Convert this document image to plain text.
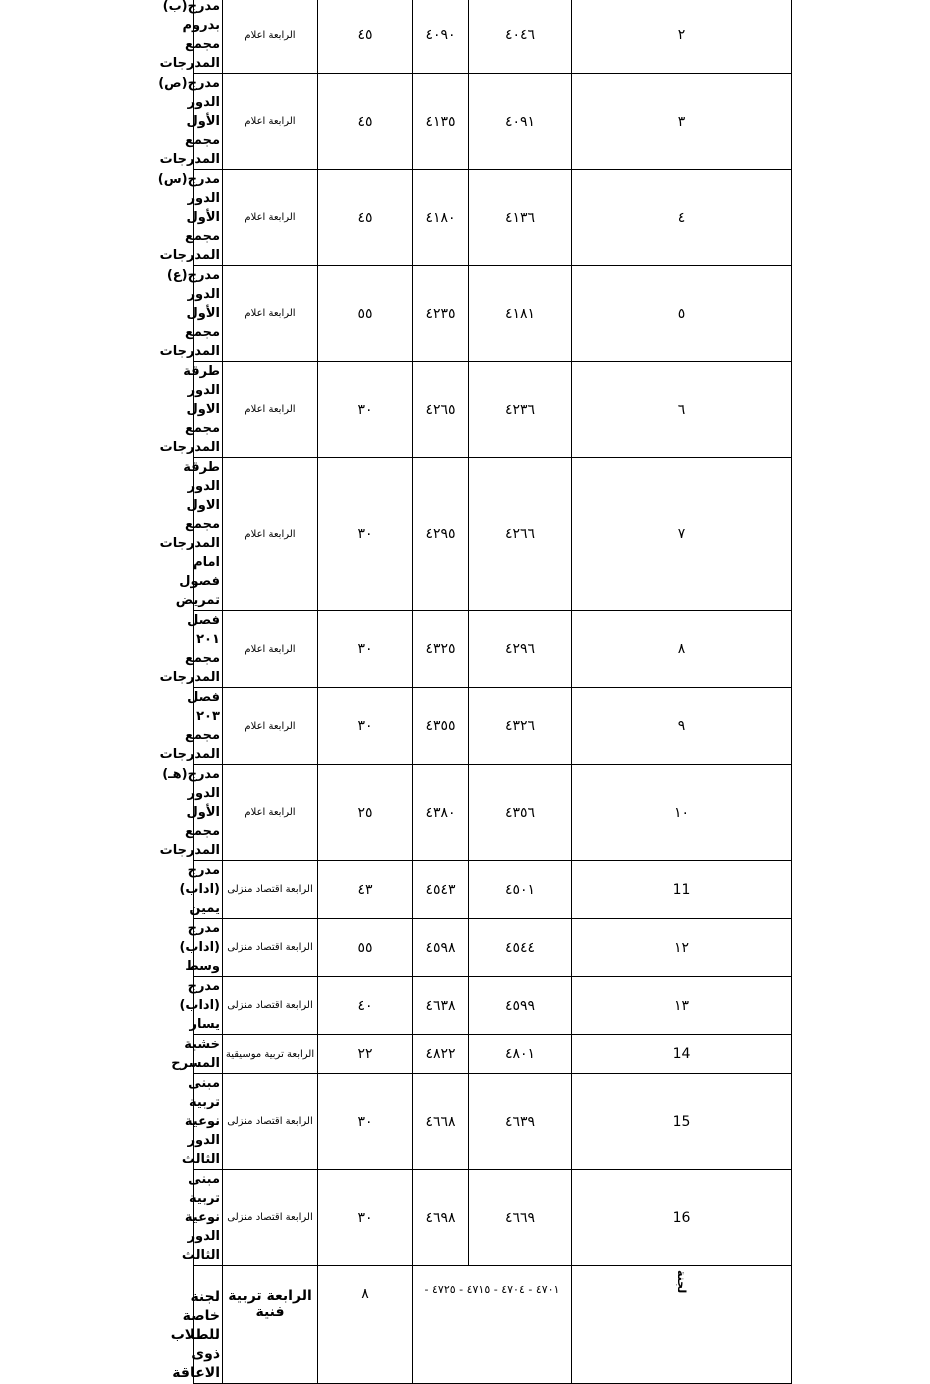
٢	٤٠٤٦	٤٠٩٠	٤٥	الرابعة اعلام	مدرج(ب) بدروم مجمع المدرجات
٣	٤٠٩١	٤١٣٥	٤٥	الرابعة اعلام	مدرج(ص) الدور الأول مجمع المدرجات
٤	٤١٣٦	٤١٨٠	٤٥	الرابعة اعلام	مدرج(س) الدور الأول مجمع المدرجات
٥	٤١٨١	٤٢٣٥	٥٥	الرابعة اعلام	مدرج(ع) الدور الأول مجمع المدرجات
٦	٤٢٣٦	٤٢٦٥	٣٠	الرابعة اعلام	طرقة الدور الاول مجمع المدرجات
٧	٤٢٦٦	٤٢٩٥	٣٠	الرابعة اعلام	طرقة الدور الاول مجمع المدرجات امام فصول تمريض
٨	٤٢٩٦	٤٣٢٥	٣٠	الرابعة اعلام	فصل ٢٠١ مجمع المدرجات
٩	٤٣٢٦	٤٣٥٥	٣٠	الرابعة اعلام	فصل ٢٠٣ مجمع المدرجات
١٠	٤٣٥٦	٤٣٨٠	٢٥	الرابعة اعلام	مدرج(هـ) الدور الأول مجمع المدرجات
11	٤٥٠١	٤٥٤٣	٤٣	الرابعة اقتصاد منزلى	مدرج (اداب) يمين
١٢	٤٥٤٤	٤٥٩٨	٥٥	الرابعة اقتصاد منزلى	مدرج (اداب) وسط
١٣	٤٥٩٩	٤٦٣٨	٤٠	الرابعة اقتصاد منزلى	مدرج (اداب) يسار
14	٤٨٠١	٤٨٢٢	٢٢	الرابعة تربية موسيقية	خشبة المسرح
15	٤٦٣٩	٤٦٦٨	٣٠	الرابعة اقتصاد منزلى	مبنى تربية نوعية الدور الثالث
16	٤٦٦٩	٤٦٩٨	٣٠	الرابعة اقتصاد منزلى	مبنى تربية نوعية الدور الثالث
لجنة	٤٧٠١ - ٤٧٠٤ - ٤٧١٥ - ٤٧٢٥ -		٨	الرابعة تربية فنية	لجنة خاصة للطلاب ذوى الاعاقة
